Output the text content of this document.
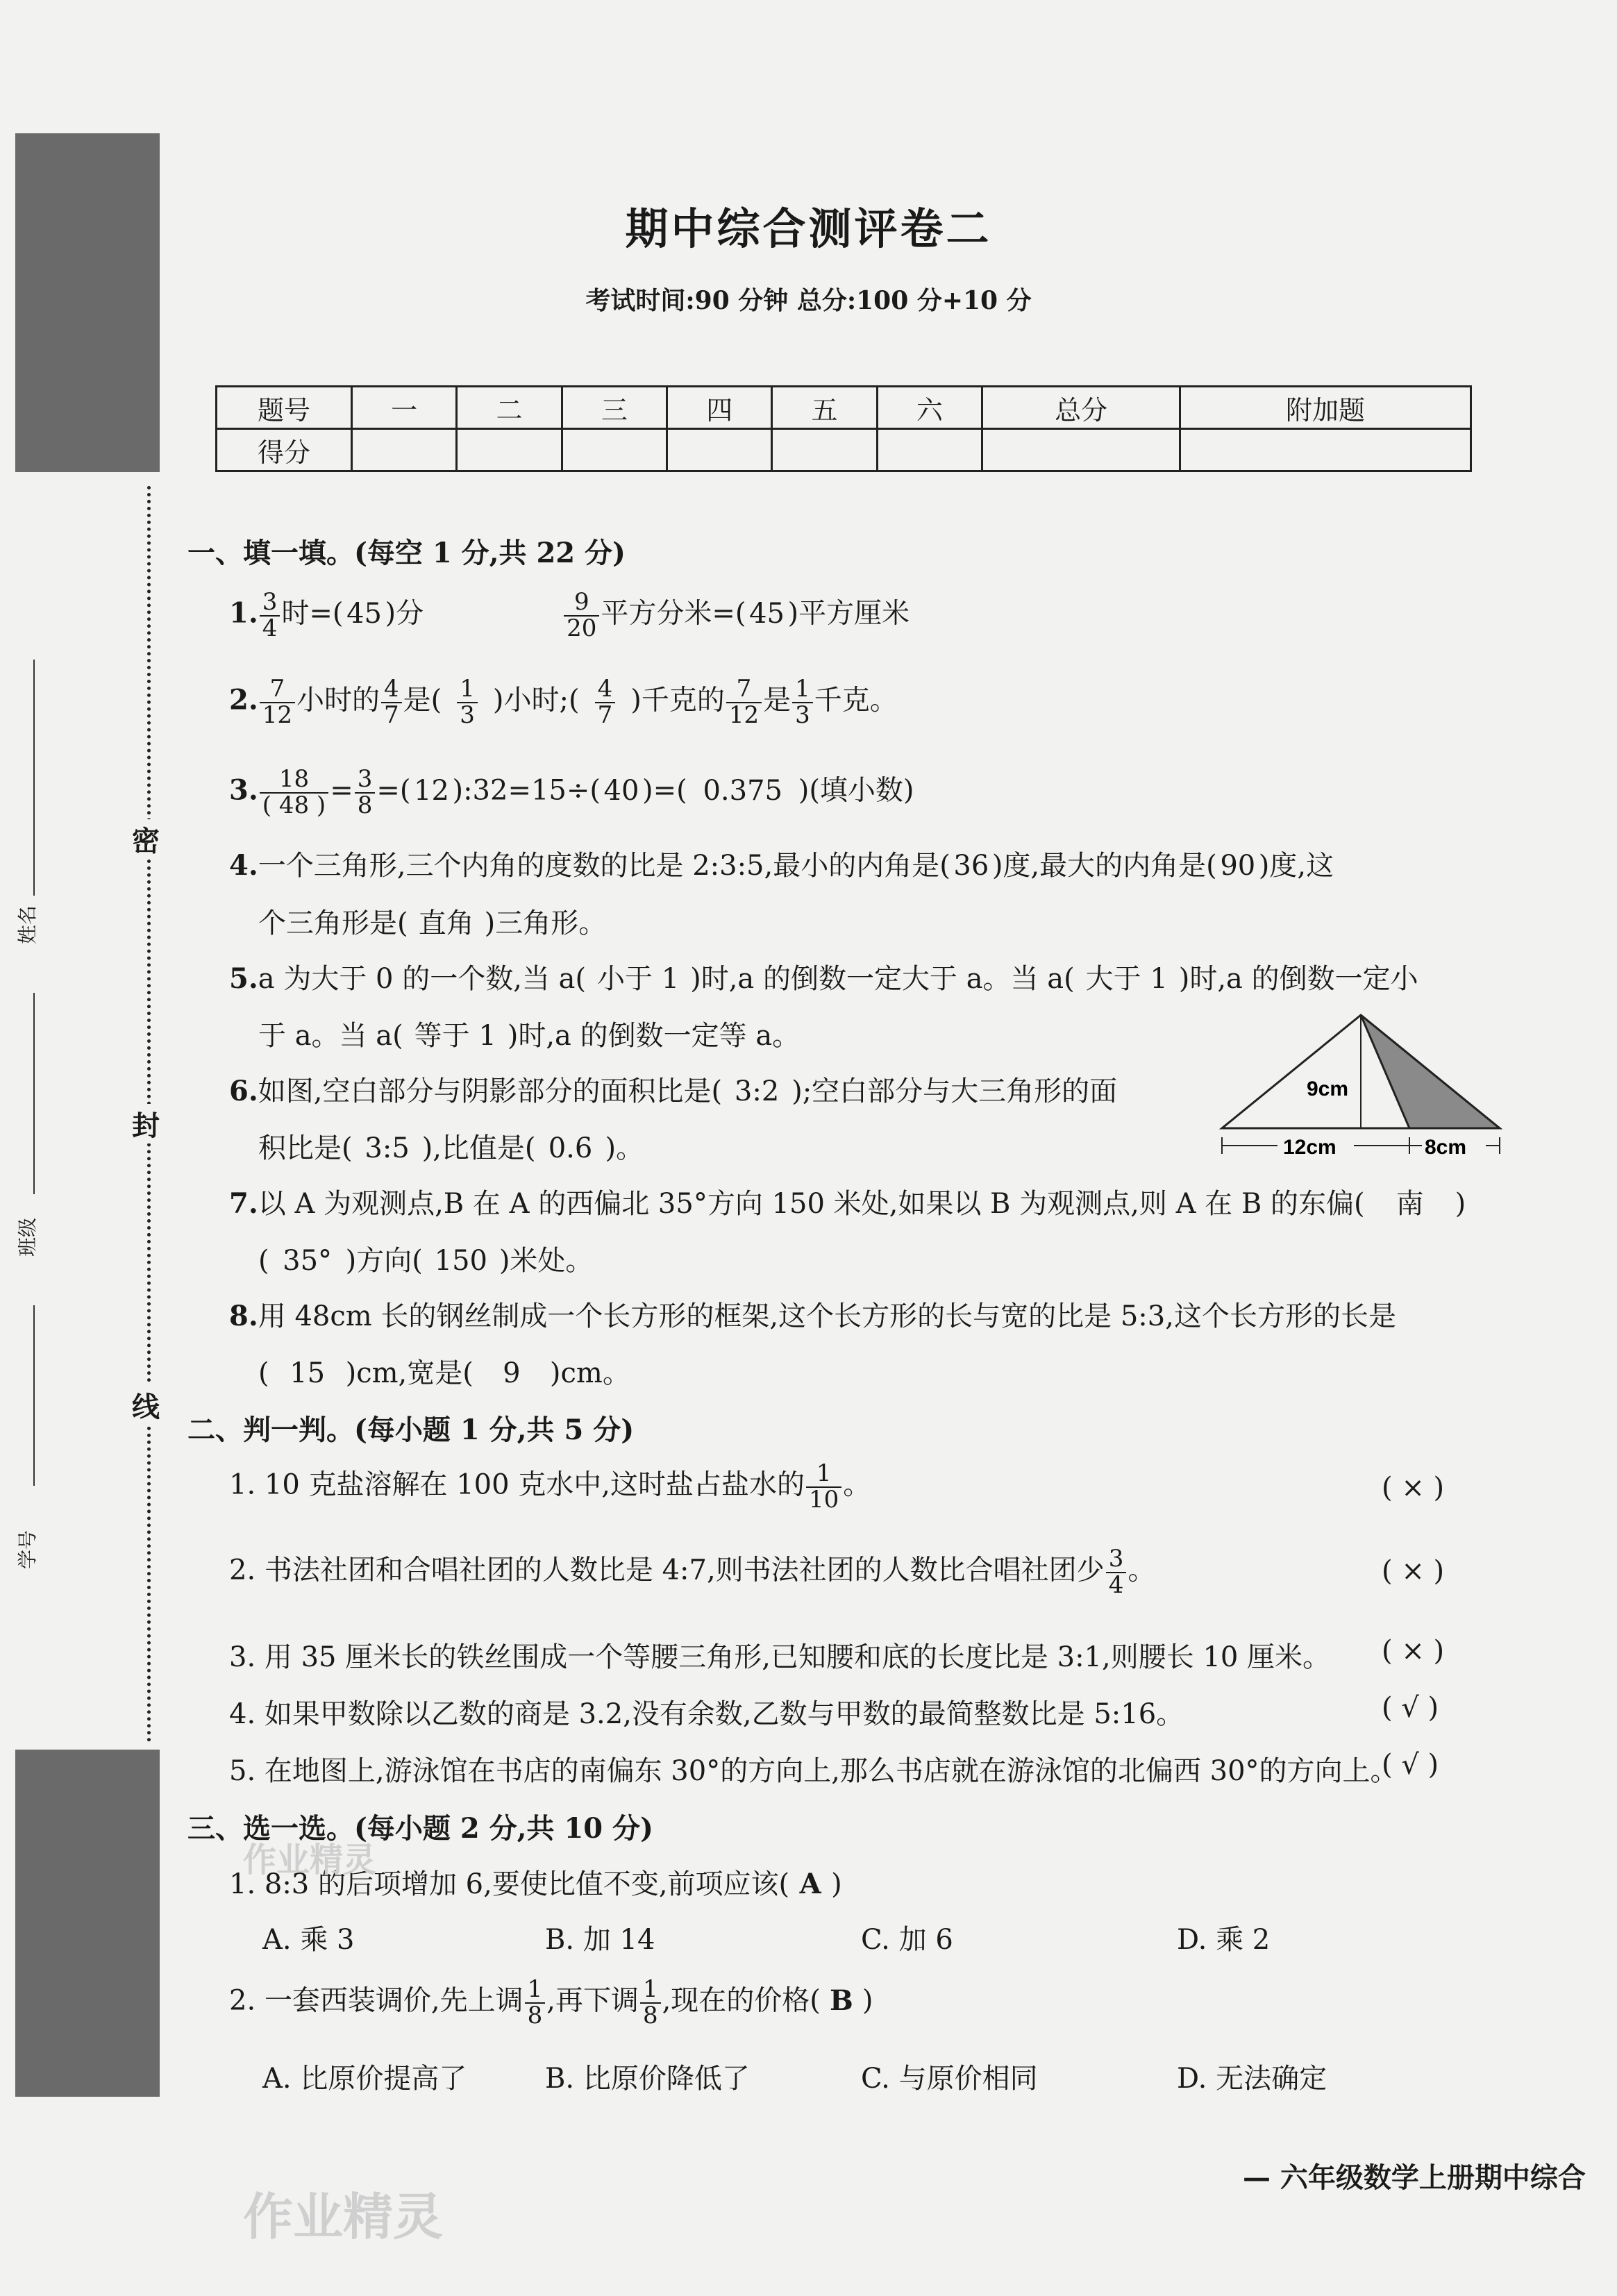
密
封
线
姓名
班级
学号
期中综合测评卷二
考试时间:90 分钟 总分:100 分+10 分
题号	一	二	三	四	五	六	总分	附加题
得分								
一、填一填。(每空 1 分,共 22 分)
1. $\frac{3}{4}$ 时=( 45 )分	$\frac{9}{20}$ 平方分米=( 45 )平方厘米
2. $\frac{7}{12}$ 小时的 $\frac{4}{7}$ 是( $\frac{1}{3}$ )小时;( $\frac{4}{7}$ )千克的 $\frac{7}{12}$ 是 $\frac{1}{3}$ 千克。
3. $\frac{18}{( 48 )} = \frac{3}{8}$ =( 12 ):32=15÷( 40 )=( 0.375 )(填小数)
4.一个三角形,三个内角的度数的比是 2:3:5,最小的内角是( 36 )度,最大的内角是( 90 )度,这
个三角形是( 直角 )三角形。
5.a 为大于 0 的一个数,当 a( 小于 1 )时,a 的倒数一定大于 a。当 a( 大于 1 )时,a 的倒数一定小
于 a。当 a( 等于 1 )时,a 的倒数一定等 a。
6.如图,空白部分与阴影部分的面积比是( 3:2 );空白部分与大三角形的面
积比是( 3:5 ),比值是( 0.6 )。
9cm
12cm	8cm
7.以 A 为观测点,B 在 A 的西偏北 35°方向 150 米处,如果以 B 为观测点,则 A 在 B 的东偏( 南 )
( 35° )方向( 150 )米处。
8.用 48cm 长的钢丝制成一个长方形的框架,这个长方形的长与宽的比是 5:3,这个长方形的长是
( 15 )cm,宽是( 9 )cm。
二、判一判。(每小题 1 分,共 5 分)
1. 10 克盐溶解在 100 克水中,这时盐占盐水的 $\frac{1}{10}$ 。	( × )
2. 书法社团和合唱社团的人数比是 4:7,则书法社团的人数比合唱社团少 $\frac{3}{4}$ 。	( × )
3. 用 35 厘米长的铁丝围成一个等腰三角形,已知腰和底的长度比是 3:1,则腰长 10 厘米。 ( × )
4. 如果甲数除以乙数的商是 3.2,没有余数,乙数与甲数的最简整数比是 5:16。	( √ )
5. 在地图上,游泳馆在书店的南偏东 30°的方向上,那么书店就在游泳馆的北偏西 30°的方向上。
( √ )
三、选一选。(每小题 2 分,共 10 分)
1. 8:3 的后项增加 6,要使比值不变,前项应该( A )
A. 乘 3	B. 加 14	C. 加 6	D. 乘 2
2. 一套西装调价,先上调 $\frac{1}{8}$ ,再下调 $\frac{1}{8}$ ,现在的价格( B )
A. 比原价提高了	B. 比原价降低了	C. 与原价相同	D. 无法确定
— 六年级数学上册期中综合
作业精灵
作业精灵
